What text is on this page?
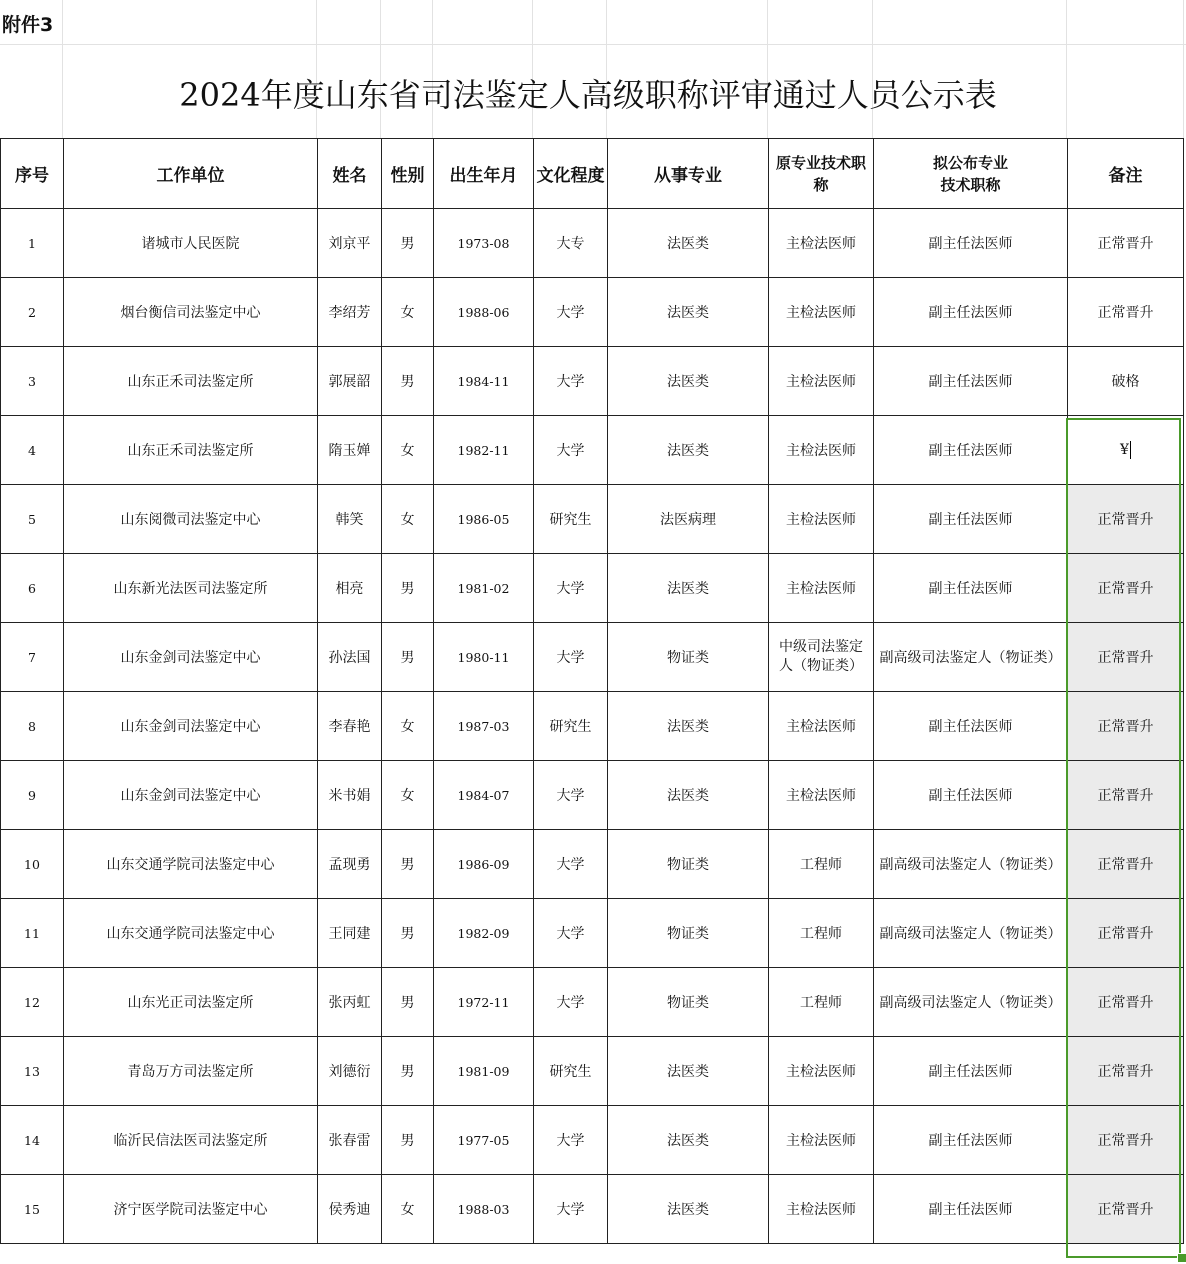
附件3
2024年度山东省司法鉴定人高级职称评审通过人员公示表
序号	工作单位	姓名	性别	出生年月	文化程度	从事专业	原专业技术职
称	拟公布专业
技术职称	备注
1	诸城市人民医院	刘京平	男	1973-08	大专	法医类	主检法医师	副主任法医师	正常晋升
2	烟台衡信司法鉴定中心	李绍芳	女	1988-06	大学	法医类	主检法医师	副主任法医师	正常晋升
3	山东正禾司法鉴定所	郭展韶	男	1984-11	大学	法医类	主检法医师	副主任法医师	破格
4	山东正禾司法鉴定所	隋玉婵	女	1982-11	大学	法医类	主检法医师	副主任法医师	¥
5	山东阅微司法鉴定中心	韩笑	女	1986-05	研究生	法医病理	主检法医师	副主任法医师	正常晋升
6	山东新光法医司法鉴定所	相亮	男	1981-02	大学	法医类	主检法医师	副主任法医师	正常晋升
7	山东金剑司法鉴定中心	孙法国	男	1980-11	大学	物证类	中级司法鉴定
人（物证类）	副高级司法鉴定人（物证类）	正常晋升
8	山东金剑司法鉴定中心	李春艳	女	1987-03	研究生	法医类	主检法医师	副主任法医师	正常晋升
9	山东金剑司法鉴定中心	米书娟	女	1984-07	大学	法医类	主检法医师	副主任法医师	正常晋升
10	山东交通学院司法鉴定中心	孟现勇	男	1986-09	大学	物证类	工程师	副高级司法鉴定人（物证类）	正常晋升
11	山东交通学院司法鉴定中心	王同建	男	1982-09	大学	物证类	工程师	副高级司法鉴定人（物证类）	正常晋升
12	山东光正司法鉴定所	张丙虹	男	1972-11	大学	物证类	工程师	副高级司法鉴定人（物证类）	正常晋升
13	青岛万方司法鉴定所	刘德衍	男	1981-09	研究生	法医类	主检法医师	副主任法医师	正常晋升
14	临沂民信法医司法鉴定所	张春雷	男	1977-05	大学	法医类	主检法医师	副主任法医师	正常晋升
15	济宁医学院司法鉴定中心	侯秀迪	女	1988-03	大学	法医类	主检法医师	副主任法医师	正常晋升
